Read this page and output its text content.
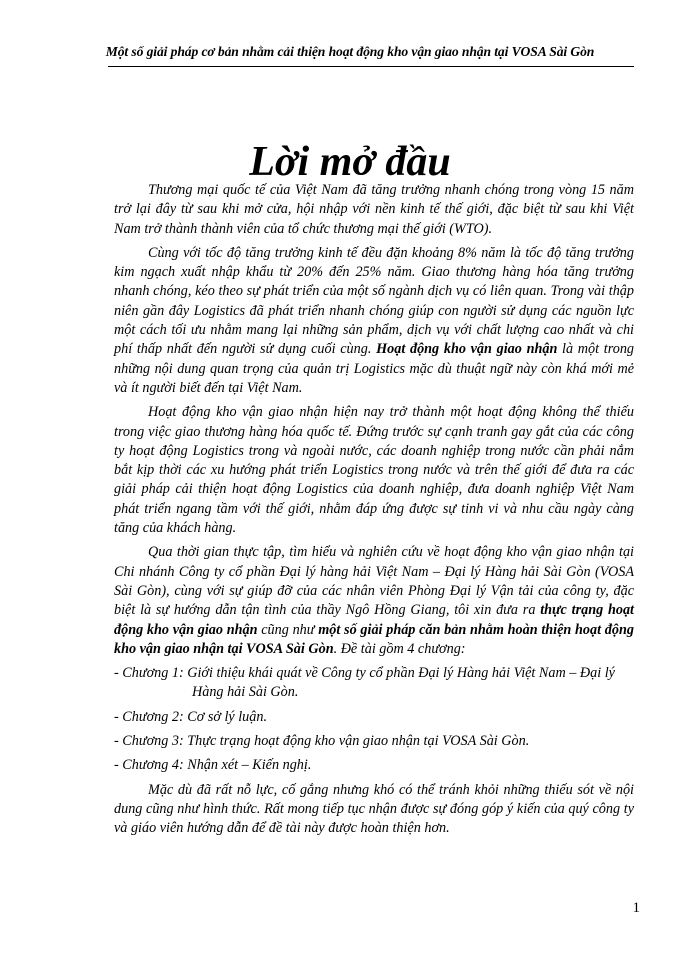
Một số giải pháp cơ bản nhằm cải thiện hoạt động kho vận giao nhận tại VOSA Sài Gòn
Lời mở đầu

Thương mại quốc tế của Việt Nam đã tăng trưởng nhanh chóng trong vòng 15 năm trở lại đây từ sau khi mở cửa, hội nhập với nền kinh tế thế giới, đặc biệt từ sau khi Việt Nam trở thành thành viên của tổ chức thương mại thế giới (WTO).

Cùng với tốc độ tăng trưởng kinh tế đều đặn khoảng 8% năm là tốc độ tăng trưởng kim ngạch xuất nhập khẩu từ 20% đến 25% năm. Giao thương hàng hóa tăng trưởng nhanh chóng, kéo theo sự phát triển của một số ngành dịch vụ có liên quan. Trong vài thập niên gần đây Logistics đã phát triển nhanh chóng giúp con người sử dụng các nguồn lực một cách tối ưu nhằm mang lại những sản phẩm, dịch vụ với chất lượng cao nhất và chi phí thấp nhất đến người sử dụng cuối cùng. Hoạt động kho vận giao nhận là một trong những nội dung quan trọng của quản trị Logistics mặc dù thuật ngữ này còn khá mới mẻ và ít người biết đến tại Việt Nam.

Hoạt động kho vận giao nhận hiện nay trở thành một hoạt động không thể thiếu trong việc giao thương hàng hóa quốc tế. Đứng trước sự cạnh tranh gay gắt của các công ty hoạt động Logistics trong và ngoài nước, các doanh nghiệp trong nước cần phải nắm bắt kịp thời các xu hướng phát triển Logistics trong nước và trên thế giới để đưa ra các giải pháp cải thiện hoạt động Logistics của doanh nghiệp, đưa doanh nghiệp Việt Nam phát triển ngang tầm với thế giới, nhằm đáp ứng được sự tinh vi và nhu cầu ngày càng tăng của khách hàng.

Qua thời gian thực tập, tìm hiểu và nghiên cứu về hoạt động kho vận giao nhận tại Chi nhánh Công ty cổ phần Đại lý hàng hải Việt Nam – Đại lý Hàng hải Sài Gòn (VOSA Sài Gòn), cùng với sự giúp đỡ của các nhân viên Phòng Đại lý Vận tải của công ty, đặc biệt là sự hướng dẫn tận tình của thầy Ngô Hồng Giang, tôi xin đưa ra thực trạng hoạt động kho vận giao nhận cũng như một số giải pháp căn bản nhằm hoàn thiện hoạt động kho vận giao nhận tại VOSA Sài Gòn. Đề tài gồm 4 chương:

- Chương 1: Giới thiệu khái quát về Công ty cổ phần Đại lý Hàng hải Việt Nam – Đại lý Hàng hải Sài Gòn.
- Chương 2: Cơ sở lý luận.
- Chương 3: Thực trạng hoạt động kho vận giao nhận tại VOSA Sài Gòn.
- Chương 4: Nhận xét – Kiến nghị.

Mặc dù đã rất nỗ lực, cố gắng nhưng khó có thể tránh khỏi những thiếu sót về nội dung cũng như hình thức. Rất mong tiếp tục nhận được sự đóng góp ý kiến của quý công ty và giáo viên hướng dẫn để đề tài này được hoàn thiện hơn.

1
